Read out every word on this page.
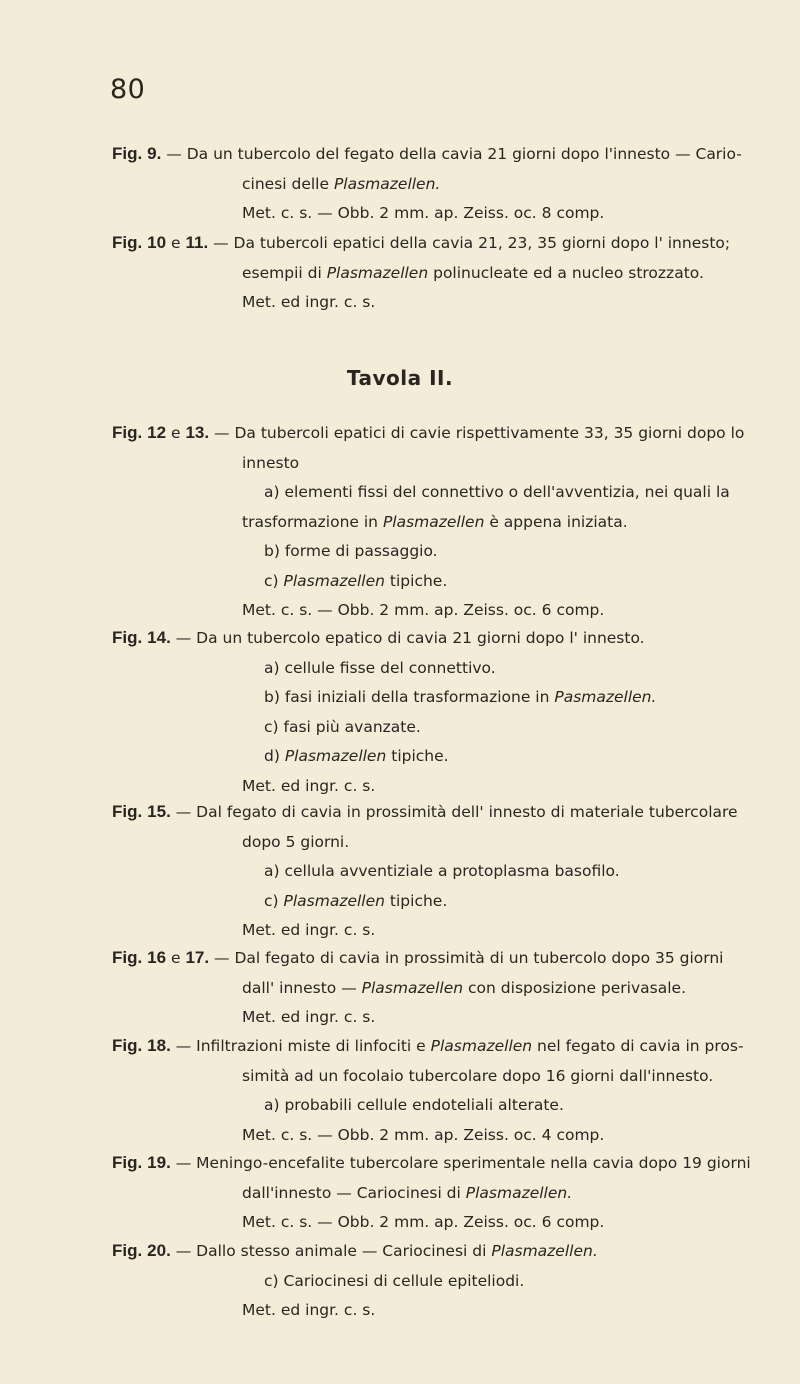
80
Fig. 9. — Da un tubercolo del fegato della cavia 21 giorni dopo l'innesto — Cario-
cinesi delle Plasmazellen.
Met. c. s. — Obb. 2 mm. ap. Zeiss. oc. 8 comp.
Fig. 10 e 11. — Da tubercoli epatici della cavia 21, 23, 35 giorni dopo l' innesto;
esempii di Plasmazellen polinucleate ed a nucleo strozzato.
Met. ed ingr. c. s.
Tavola II.
Fig. 12 e 13. — Da tubercoli epatici di cavie rispettivamente 33, 35 giorni dopo lo
innesto
a) elementi fissi del connettivo o dell'avventizia, nei quali la
trasformazione in Plasmazellen è appena iniziata.
b) forme di passaggio.
c) Plasmazellen tipiche.
Met. c. s. — Obb. 2 mm. ap. Zeiss. oc. 6 comp.
Fig. 14. — Da un tubercolo epatico di cavia 21 giorni dopo l' innesto.
a) cellule fisse del connettivo.
b) fasi iniziali della trasformazione in Pasmazellen.
c) fasi più avanzate.
d) Plasmazellen tipiche.
Met. ed ingr. c. s.
Fig. 15. — Dal fegato di cavia in prossimità dell' innesto di materiale tubercolare
dopo 5 giorni.
a) cellula avventiziale a protoplasma basofilo.
c) Plasmazellen tipiche.
Met. ed ingr. c. s.
Fig. 16 e 17. — Dal fegato di cavia in prossimità di un tubercolo dopo 35 giorni
dall' innesto — Plasmazellen con disposizione perivasale.
Met. ed ingr. c. s.
Fig. 18. — Infiltrazioni miste di linfociti e Plasmazellen nel fegato di cavia in pros-
simità ad un focolaio tubercolare dopo 16 giorni dall'innesto.
a) probabili cellule endoteliali alterate.
Met. c. s. — Obb. 2 mm. ap. Zeiss. oc. 4 comp.
Fig. 19. — Meningo-encefalite tubercolare sperimentale nella cavia dopo 19 giorni
dall'innesto — Cariocinesi di Plasmazellen.
Met. c. s. — Obb. 2 mm. ap. Zeiss. oc. 6 comp.
Fig. 20. — Dallo stesso animale — Cariocinesi di Plasmazellen.
c) Cariocinesi di cellule epiteliodi.
Met. ed ingr. c. s.
